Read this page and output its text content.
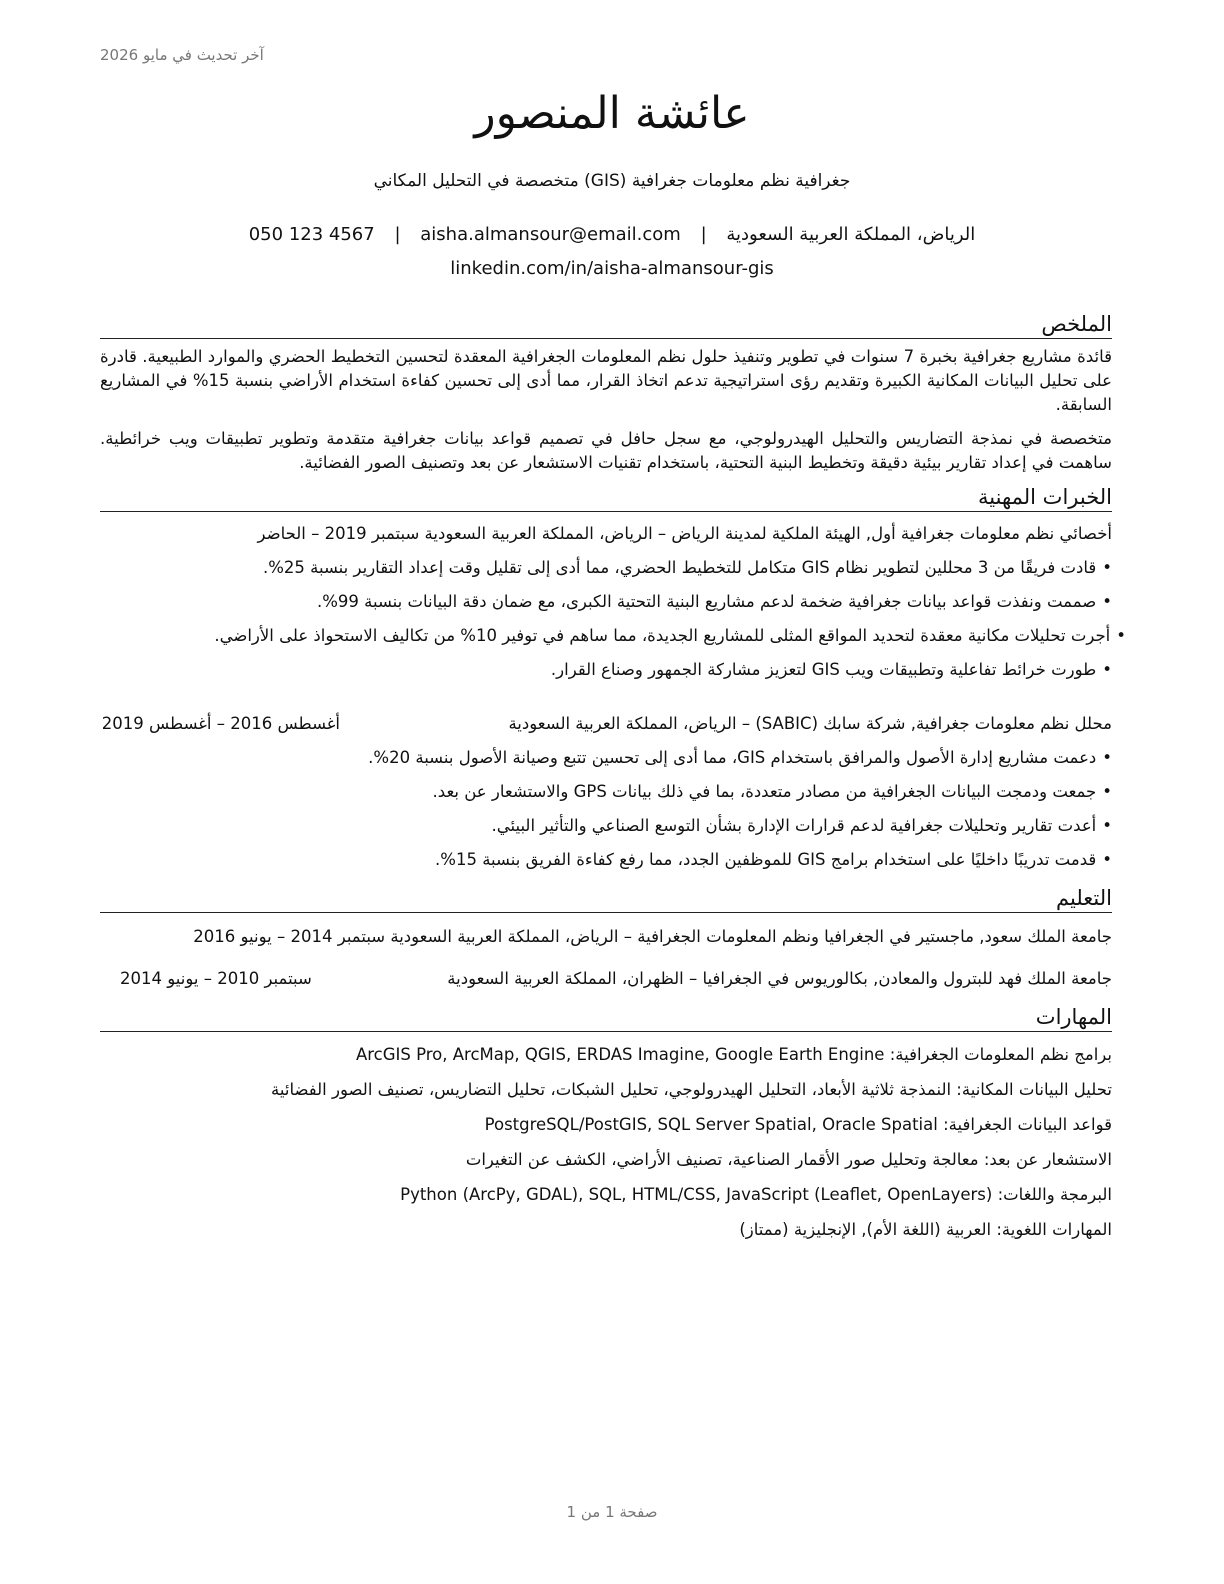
آخر تحديث في مايو 2026
عائشة المنصور
جغرافية نظم معلومات جغرافية (GIS) متخصصة في التحليل المكاني
الرياض، المملكة العربية السعودية | aisha.almansour@email.com | 050 123 4567
linkedin.com/in/aisha-almansour-gis
الملخص

قائدة مشاريع جغرافية بخبرة 7 سنوات في تطوير وتنفيذ حلول نظم المعلومات الجغرافية المعقدة لتحسين التخطيط الحضري والموارد الطبيعية. قادرة على تحليل البيانات المكانية الكبيرة وتقديم رؤى استراتيجية تدعم اتخاذ القرار، مما أدى إلى تحسين كفاءة استخدام الأراضي بنسبة 15% في المشاريع السابقة.

متخصصة في نمذجة التضاريس والتحليل الهيدرولوجي، مع سجل حافل في تصميم قواعد بيانات جغرافية متقدمة وتطوير تطبيقات ويب خرائطية. ساهمت في إعداد تقارير بيئية دقيقة وتخطيط البنية التحتية، باستخدام تقنيات الاستشعار عن بعد وتصنيف الصور الفضائية.

الخبرات المهنية
أخصائي نظم معلومات جغرافية أول, الهيئة الملكية لمدينة الرياض – الرياض، المملكة العربية السعودية سبتمبر 2019 – الحاضر
•قادت فريقًا من 3 محللين لتطوير نظام GIS متكامل للتخطيط الحضري، مما أدى إلى تقليل وقت إعداد التقارير بنسبة 25%.
•صممت ونفذت قواعد بيانات جغرافية ضخمة لدعم مشاريع البنية التحتية الكبرى، مع ضمان دقة البيانات بنسبة 99%.
•أجرت تحليلات مكانية معقدة لتحديد المواقع المثلى للمشاريع الجديدة، مما ساهم في توفير 10% من تكاليف الاستحواذ على الأراضي.
•طورت خرائط تفاعلية وتطبيقات ويب GIS لتعزيز مشاركة الجمهور وصناع القرار.
محلل نظم معلومات جغرافية, شركة سابك (SABIC) – الرياض، المملكة العربية السعودية
أغسطس 2016 – أغسطس 2019
•دعمت مشاريع إدارة الأصول والمرافق باستخدام GIS، مما أدى إلى تحسين تتبع وصيانة الأصول بنسبة 20%.
•جمعت ودمجت البيانات الجغرافية من مصادر متعددة، بما في ذلك بيانات GPS والاستشعار عن بعد.
•أعدت تقارير وتحليلات جغرافية لدعم قرارات الإدارة بشأن التوسع الصناعي والتأثير البيئي.
•قدمت تدريبًا داخليًا على استخدام برامج GIS للموظفين الجدد، مما رفع كفاءة الفريق بنسبة 15%.
التعليم
جامعة الملك سعود, ماجستير في الجغرافيا ونظم المعلومات الجغرافية – الرياض، المملكة العربية السعودية سبتمبر 2014 – يونيو 2016
جامعة الملك فهد للبترول والمعادن, بكالوريوس في الجغرافيا – الظهران، المملكة العربية السعودية
سبتمبر 2010 – يونيو 2014
المهارات
برامج نظم المعلومات الجغرافية: ArcGIS Pro, ArcMap, QGIS, ERDAS Imagine, Google Earth Engine
تحليل البيانات المكانية: النمذجة ثلاثية الأبعاد، التحليل الهيدرولوجي، تحليل الشبكات، تحليل التضاريس، تصنيف الصور الفضائية
قواعد البيانات الجغرافية: PostgreSQL/PostGIS, SQL Server Spatial, Oracle Spatial
الاستشعار عن بعد: معالجة وتحليل صور الأقمار الصناعية، تصنيف الأراضي، الكشف عن التغيرات
البرمجة واللغات: Python (ArcPy, GDAL), SQL, HTML/CSS, JavaScript (Leaflet, OpenLayers)
المهارات اللغوية: العربية (اللغة الأم), الإنجليزية (ممتاز)
صفحة 1 من 1
